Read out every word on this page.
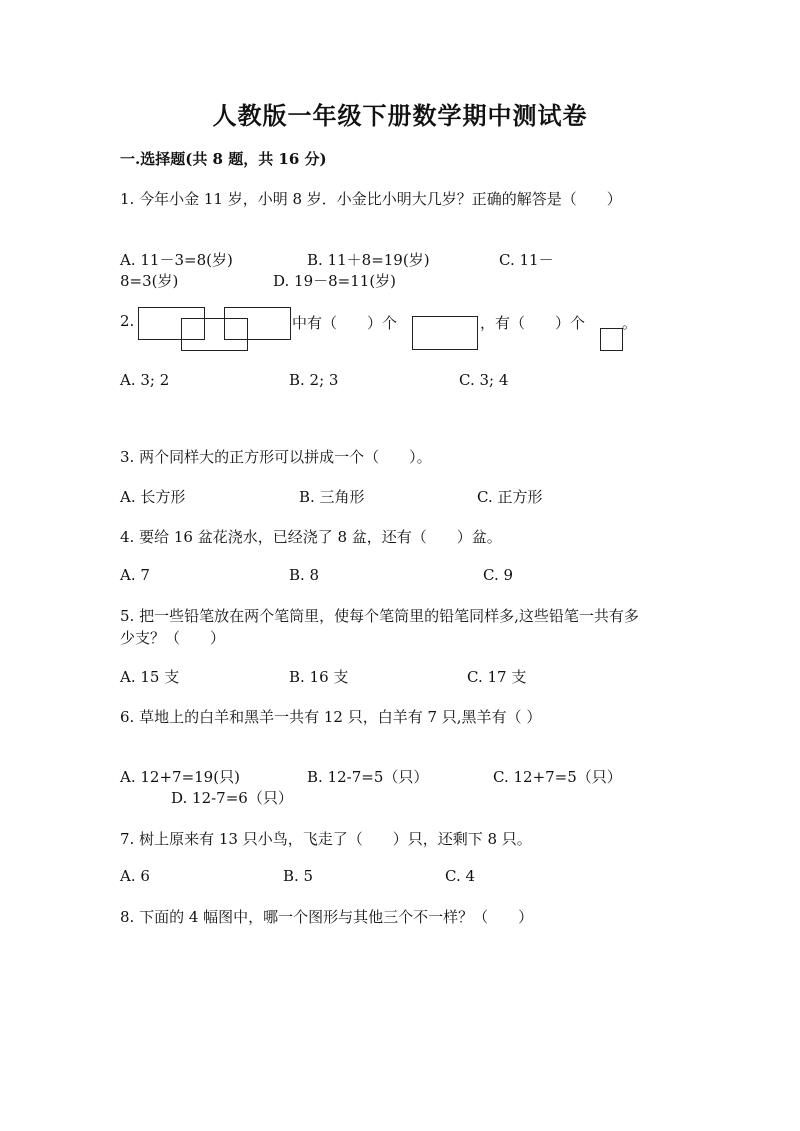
人教版一年级下册数学期中测试卷
一.选择题(共 8 题，共 16 分)
1. 今年小金 11 岁，小明 8 岁．小金比小明大几岁？正确的解答是（　　）
A. 11－3=8(岁)	B. 11＋8=19(岁)	C. 11－
8=3(岁)	D. 19－8=11(岁)
2.	中有（　　）个	，有（　　）个 。
A. 3; 2	B. 2; 3	C. 3; 4
3. 两个同样大的正方形可以拼成一个（　　）。
A. 长方形	B. 三角形	C. 正方形
4. 要给 16 盆花浇水，已经浇了 8 盆，还有（　　）盆。
A. 7	B. 8	C. 9
5. 把一些铅笔放在两个笔筒里，使每个笔筒里的铅笔同样多,这些铅笔一共有多
少支？（　　）
A. 15 支	B. 16 支	C. 17 支
6. 草地上的白羊和黑羊一共有 12 只，白羊有 7 只,黑羊有（ ）
A. 12+7=19(只)	B. 12-7=5（只）	C. 12+7=5（只）
D. 12-7=6（只）
7. 树上原来有 13 只小鸟，飞走了（　　）只，还剩下 8 只。
A. 6	B. 5	C. 4
8. 下面的 4 幅图中，哪一个图形与其他三个不一样？（　　）
